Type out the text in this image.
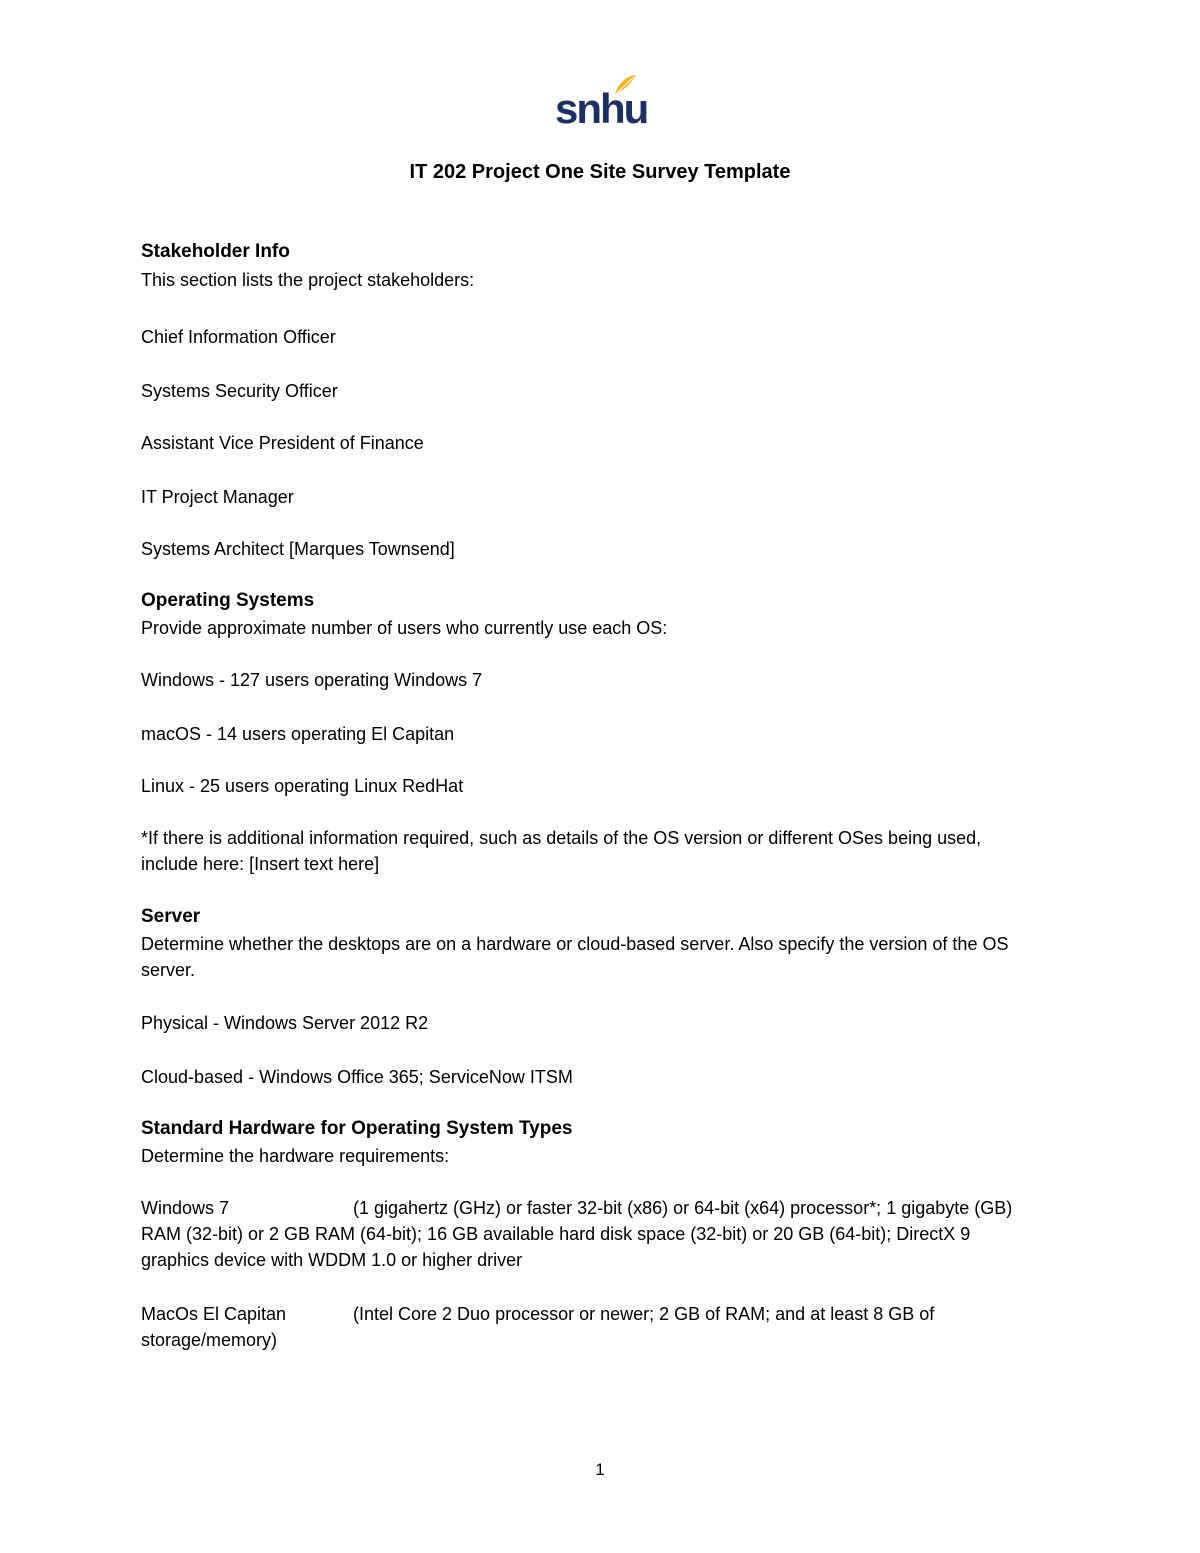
snhu
IT 202 Project One Site Survey Template
Stakeholder Info
This section lists the project stakeholders:
Chief Information Officer
Systems Security Officer
Assistant Vice President of Finance
IT Project Manager
Systems Architect [Marques Townsend]
Operating Systems
Provide approximate number of users who currently use each OS:
Windows - 127 users operating Windows 7
macOS - 14 users operating El Capitan
Linux - 25 users operating Linux RedHat
*If there is additional information required, such as details of the OS version or different OSes being used, include here: [Insert text here]
Server
Determine whether the desktops are on a hardware or cloud-based server. Also specify the version of the OS server.
Physical - Windows Server 2012 R2
Cloud-based - Windows Office 365; ServiceNow ITSM
Standard Hardware for Operating System Types
Determine the hardware requirements:
Windows 7	(1 gigahertz (GHz) or faster 32-bit (x86) or 64-bit (x64) processor*; 1 gigabyte (GB) RAM (32-bit) or 2 GB RAM (64-bit); 16 GB available hard disk space (32-bit) or 20 GB (64-bit); DirectX 9 graphics device with WDDM 1.0 or higher driver
MacOs El Capitan	(Intel Core 2 Duo processor or newer; 2 GB of RAM; and at least 8 GB of storage/memory)
1
